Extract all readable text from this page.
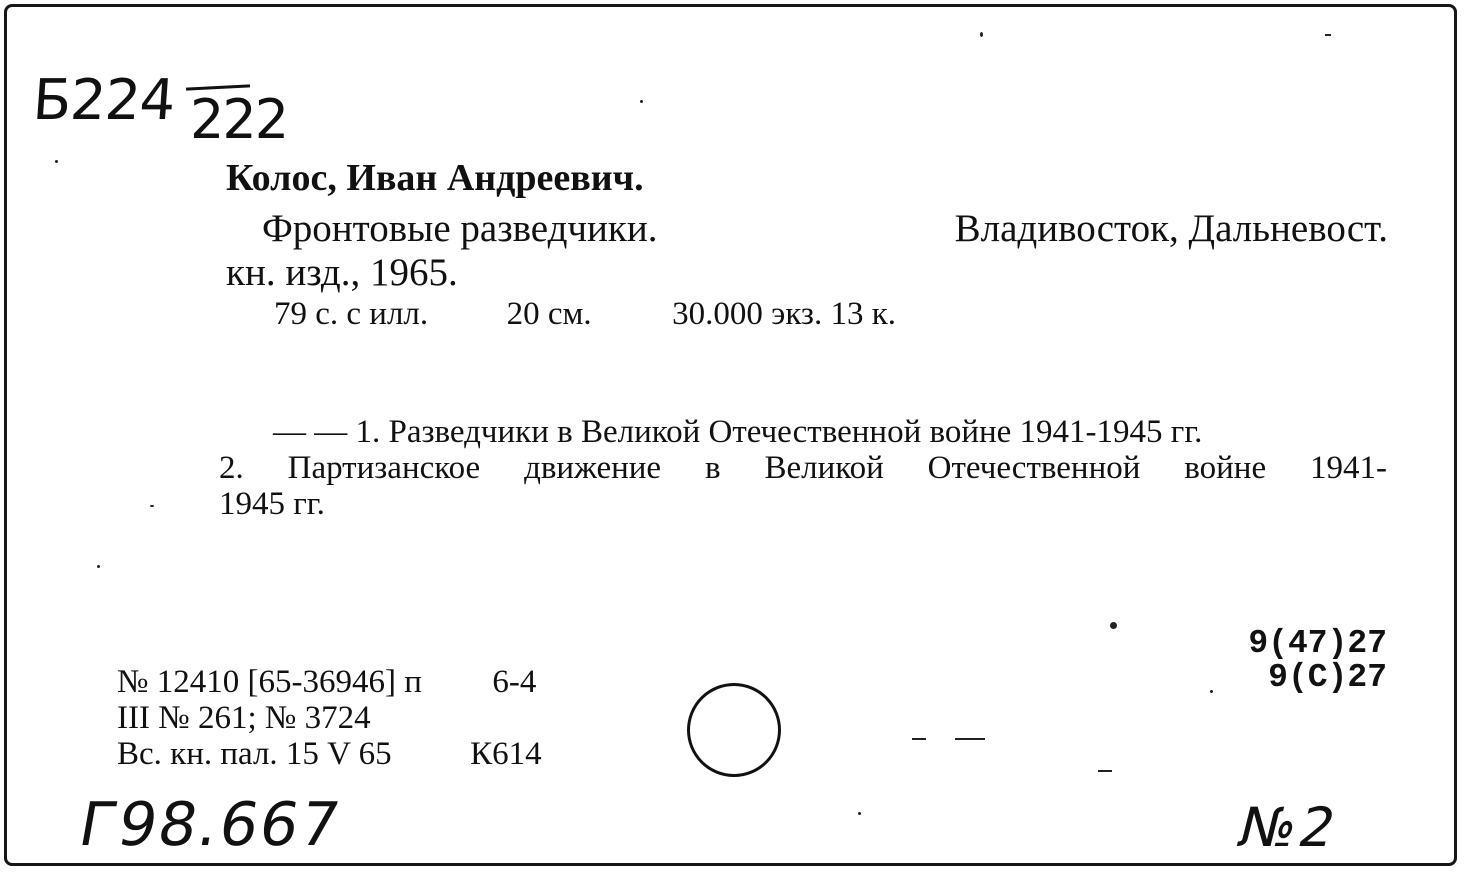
Б224 222
Колос, Иван Андреевич.
Фронтовые разведчики.	Владивосток, Дальневост.
кн. изд., 1965.
79 с. с илл. 20 см. 30.000 экз. 13 к.
— — 1. Разведчики в Великой Отечественной войне 1941-1945 гг.
2. Партизанское движение в Великой Отечественной войне 1941-
1945 гг.
№ 12410 [65-36946] п 6-4
III № 261; № 3724
Вс. кн. пал. 15 V 65 К614
9(47)27
9(С)27
Г98.667	№2
